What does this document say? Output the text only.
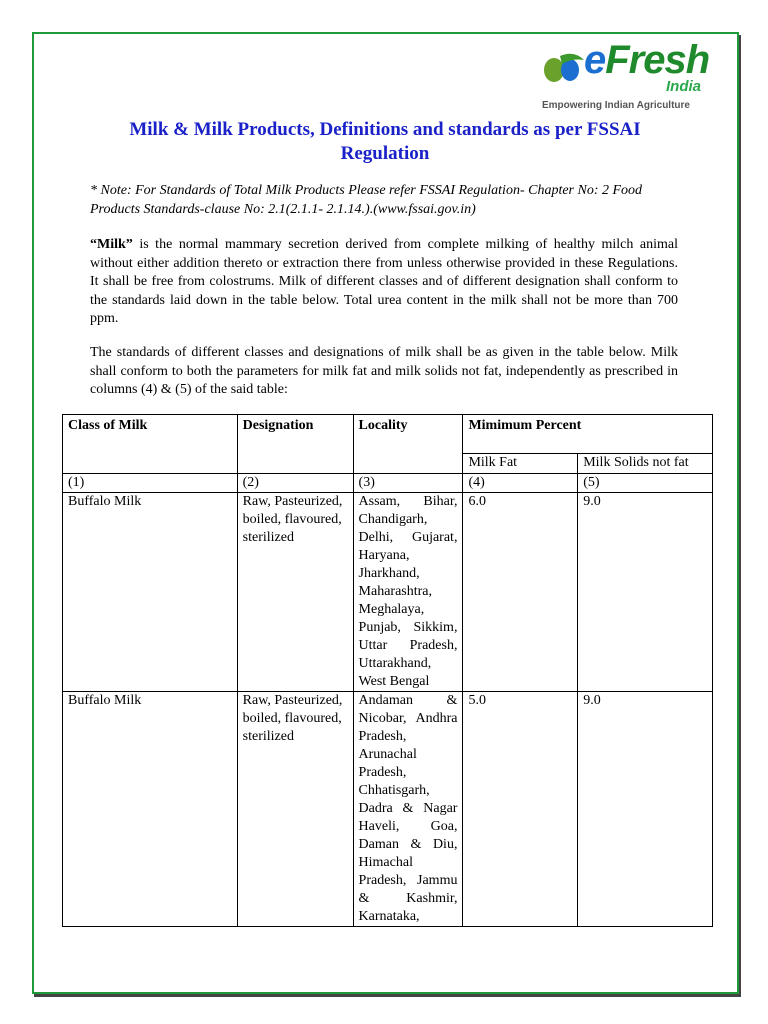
eFresh
India
Empowering Indian Agriculture
Milk & Milk Products, Definitions and standards as per FSSAI
Regulation

* Note: For Standards of Total Milk Products Please refer FSSAI Regulation- Chapter No: 2 Food Products Standards-clause No: 2.1(2.1.1- 2.1.14.).(www.fssai.gov.in)

“Milk” is the normal mammary secretion derived from complete milking of healthy milch animal without either addition thereto or extraction there from unless otherwise provided in these Regulations. It shall be free from colostrums. Milk of different classes and of different designation shall conform to the standards laid down in the table below. Total urea content in the milk shall not be more than 700 ppm.

The standards of different classes and designations of milk shall be as given in the table below. Milk shall conform to both the parameters for milk fat and milk solids not fat, independently as prescribed in columns (4) & (5) of the said table:

Class of Milk	Designation	Locality	Mimimum Percent	
			Milk Fat	Milk Solids not fat
(1)	(2)	(3)	(4)	(5)
Buffalo Milk	Raw, Pasteurized, boiled, flavoured, sterilized	Assam, Bihar, Chandigarh, Delhi, Gujarat, Haryana, Jharkhand, Maharashtra, Meghalaya, Punjab, Sikkim, Uttar Pradesh, Uttarakhand, West Bengal	6.0	9.0
Buffalo Milk	Raw, Pasteurized, boiled, flavoured, sterilized	Andaman & Nicobar, Andhra Pradesh, Arunachal Pradesh, Chhatisgarh, Dadra & Nagar Haveli, Goa, Daman & Diu, Himachal Pradesh, Jammu & Kashmir, Karnataka,	5.0	9.0
